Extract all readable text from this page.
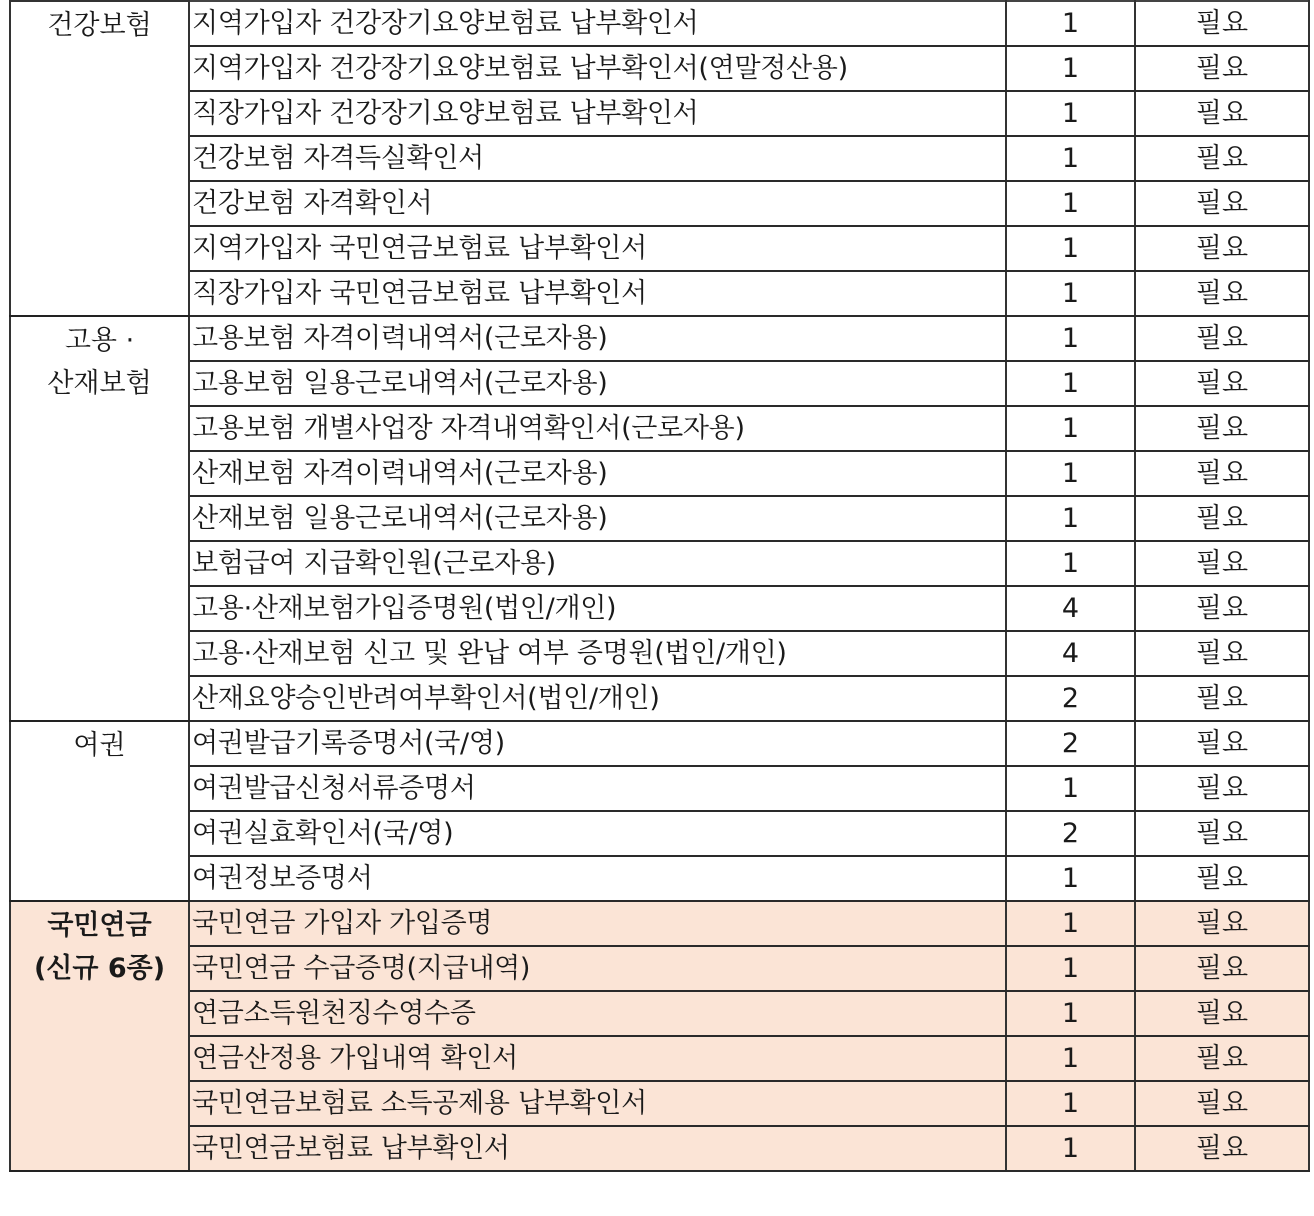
건강보험	지역가입자 건강장기요양보험료 납부확인서	1	필요
	지역가입자 건강장기요양보험료 납부확인서(연말정산용)	1	필요
	직장가입자 건강장기요양보험료 납부확인서	1	필요
	건강보험 자격득실확인서	1	필요
	건강보험 자격확인서	1	필요
	지역가입자 국민연금보험료 납부확인서	1	필요
	직장가입자 국민연금보험료 납부확인서	1	필요

고용 ·
산재보험	고용보험 자격이력내역서(근로자용)	1	필요
	고용보험 일용근로내역서(근로자용)	1	필요
	고용보험 개별사업장 자격내역확인서(근로자용)	1	필요
	산재보험 자격이력내역서(근로자용)	1	필요
	산재보험 일용근로내역서(근로자용)	1	필요
	보험급여 지급확인원(근로자용)	1	필요
	고용·산재보험가입증명원(법인/개인)	4	필요
	고용·산재보험 신고 및 완납 여부 증명원(법인/개인)	4	필요
	산재요양승인반려여부확인서(법인/개인)	2	필요

여권	여권발급기록증명서(국/영)	2	필요
	여권발급신청서류증명서	1	필요
	여권실효확인서(국/영)	2	필요
	여권정보증명서	1	필요

국민연금
(신규 6종)	국민연금 가입자 가입증명	1	필요
	국민연금 수급증명(지급내역)	1	필요
	연금소득원천징수영수증	1	필요
	연금산정용 가입내역 확인서	1	필요
	국민연금보험료 소득공제용 납부확인서	1	필요
	국민연금보험료 납부확인서	1	필요
